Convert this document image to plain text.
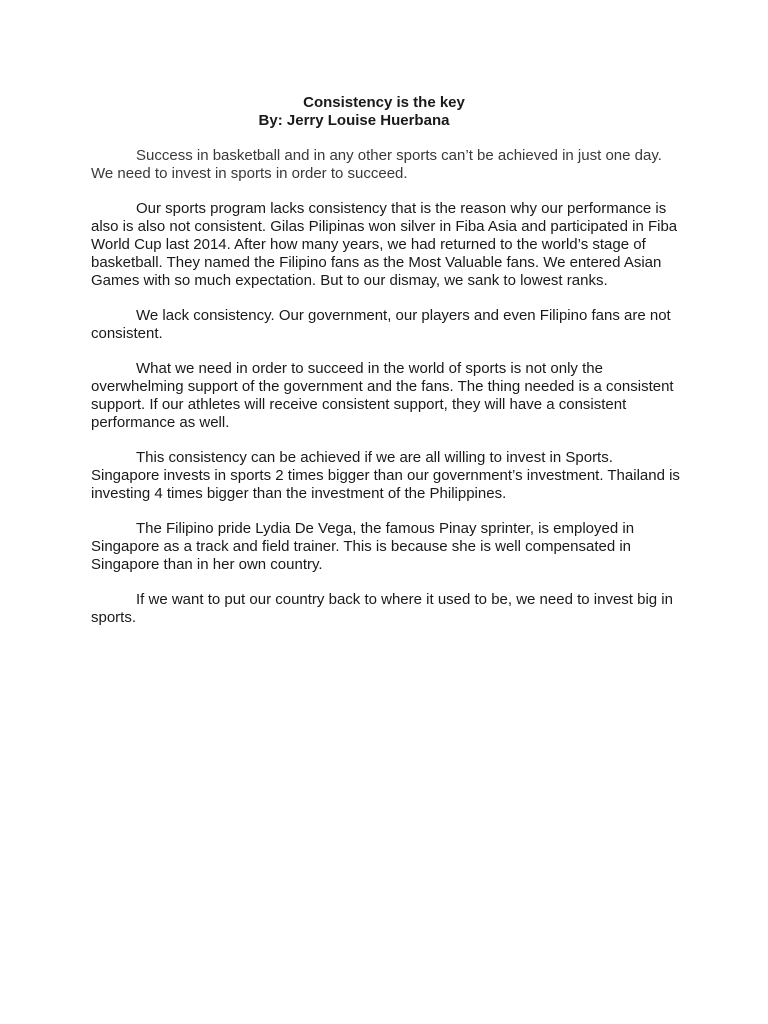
Consistency is the key
By: Jerry Louise Huerbana

Success in basketball and in any other sports can’t be achieved in just one day. We need to invest in sports in order to succeed.

Our sports program lacks consistency that is the reason why our performance is also is also not consistent. Gilas Pilipinas won silver in Fiba Asia and participated in Fiba World Cup last 2014. After how many years, we had returned to the world’s stage of basketball. They named the Filipino fans as the Most Valuable fans. We entered Asian Games with so much expectation. But to our dismay, we sank to lowest ranks.

We lack consistency. Our government, our players and even Filipino fans are not consistent.

What we need in order to succeed in the world of sports is not only the overwhelming support of the government and the fans. The thing needed is a consistent support. If our athletes will receive consistent support, they will have a consistent performance as well.

This consistency can be achieved if we are all willing to invest in Sports. Singapore invests in sports 2 times bigger than our government’s investment. Thailand is investing 4 times bigger than the investment of the Philippines.

The Filipino pride Lydia De Vega, the famous Pinay sprinter, is employed in Singapore as a track and field trainer. This is because she is well compensated in Singapore than in her own country.

If we want to put our country back to where it used to be, we need to invest big in sports.
